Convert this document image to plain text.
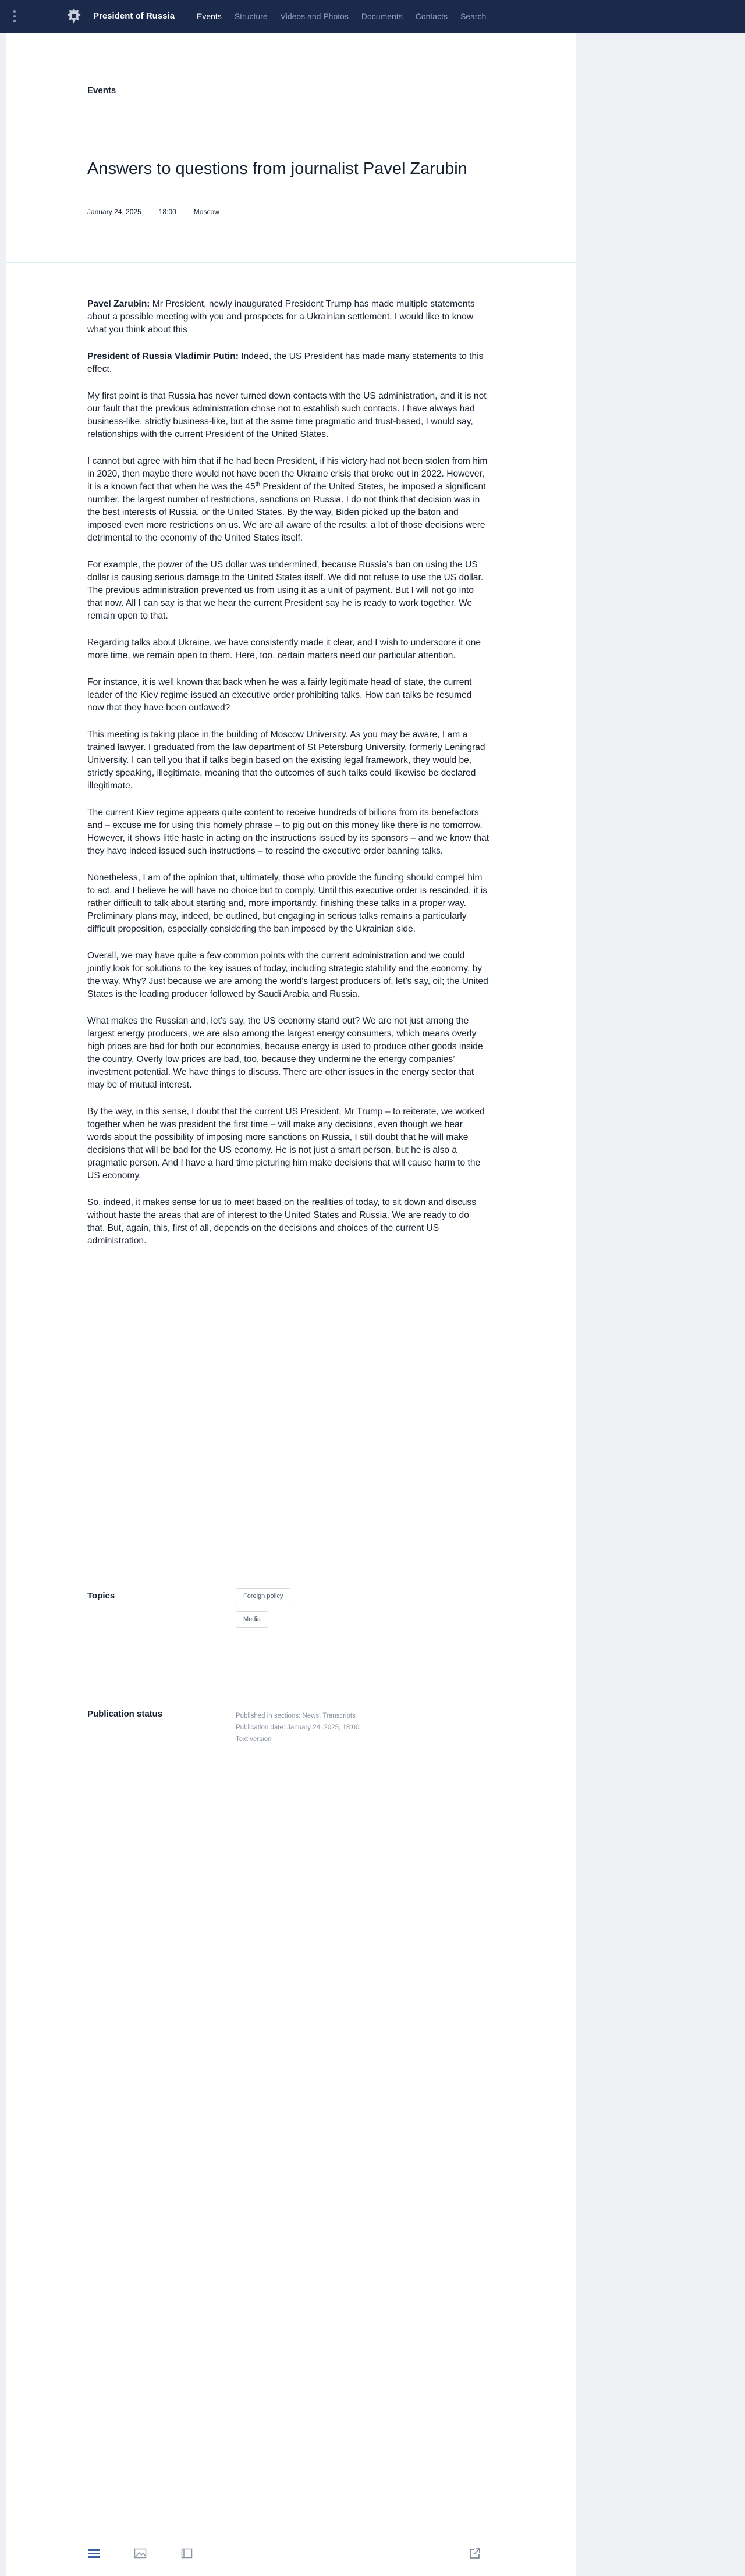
President of Russia	Events Structure Videos and Photos Documents Contacts Search
Events
Answers to questions from journalist Pavel Zarubin
January 24, 2025	18:00	Moscow

Pavel Zarubin: Mr President, newly inaugurated President Trump has made multiple statements about a possible meeting with you and prospects for a Ukrainian settlement. I would like to know what you think about this

President of Russia Vladimir Putin: Indeed, the US President has made many statements to this effect.

My first point is that Russia has never turned down contacts with the US administration, and it is not our fault that the previous administration chose not to establish such contacts. I have always had business-like, strictly business-like, but at the same time pragmatic and trust-based, I would say, relationships with the current President of the United States.

I cannot but agree with him that if he had been President, if his victory had not been stolen from him in 2020, then maybe there would not have been the Ukraine crisis that broke out in 2022. However, it is a known fact that when he was the 45th President of the United States, he imposed a significant number, the largest number of restrictions, sanctions on Russia. I do not think that decision was in the best interests of Russia, or the United States. By the way, Biden picked up the baton and imposed even more restrictions on us. We are all aware of the results: a lot of those decisions were detrimental to the economy of the United States itself.

For example, the power of the US dollar was undermined, because Russia’s ban on using the US dollar is causing serious damage to the United States itself. We did not refuse to use the US dollar. The previous administration prevented us from using it as a unit of payment. But I will not go into that now. All I can say is that we hear the current President say he is ready to work together. We remain open to that.

Regarding talks about Ukraine, we have consistently made it clear, and I wish to underscore it one more time, we remain open to them. Here, too, certain matters need our particular attention.

For instance, it is well known that back when he was a fairly legitimate head of state, the current leader of the Kiev regime issued an executive order prohibiting talks. How can talks be resumed now that they have been outlawed?

This meeting is taking place in the building of Moscow University. As you may be aware, I am a trained lawyer. I graduated from the law department of St Petersburg University, formerly Leningrad University. I can tell you that if talks begin based on the existing legal framework, they would be, strictly speaking, illegitimate, meaning that the outcomes of such talks could likewise be declared illegitimate.

The current Kiev regime appears quite content to receive hundreds of billions from its benefactors and – excuse me for using this homely phrase – to pig out on this money like there is no tomorrow. However, it shows little haste in acting on the instructions issued by its sponsors – and we know that they have indeed issued such instructions – to rescind the executive order banning talks.

Nonetheless, I am of the opinion that, ultimately, those who provide the funding should compel him to act, and I believe he will have no choice but to comply. Until this executive order is rescinded, it is rather difficult to talk about starting and, more importantly, finishing these talks in a proper way. Preliminary plans may, indeed, be outlined, but engaging in serious talks remains a particularly difficult proposition, especially considering the ban imposed by the Ukrainian side.

Overall, we may have quite a few common points with the current administration and we could jointly look for solutions to the key issues of today, including strategic stability and the economy, by the way. Why? Just because we are among the world’s largest producers of, let’s say, oil; the United States is the leading producer followed by Saudi Arabia and Russia.

What makes the Russian and, let’s say, the US economy stand out? We are not just among the largest energy producers, we are also among the largest energy consumers, which means overly high prices are bad for both our economies, because energy is used to produce other goods inside the country. Overly low prices are bad, too, because they undermine the energy companies’ investment potential. We have things to discuss. There are other issues in the energy sector that may be of mutual interest.

By the way, in this sense, I doubt that the current US President, Mr Trump – to reiterate, we worked together when he was president the first time – will make any decisions, even though we hear words about the possibility of imposing more sanctions on Russia, I still doubt that he will make decisions that will be bad for the US economy. He is not just a smart person, but he is also a pragmatic person. And I have a hard time picturing him make decisions that will cause harm to the US economy.

So, indeed, it makes sense for us to meet based on the realities of today, to sit down and discuss without haste the areas that are of interest to the United States and Russia. We are ready to do that. But, again, this, first of all, depends on the decisions and choices of the current US administration.

Topics	Foreign policy
Media
Publication status	Published in sections: News, Transcripts
Publication date: January 24, 2025, 18:00
Text version
